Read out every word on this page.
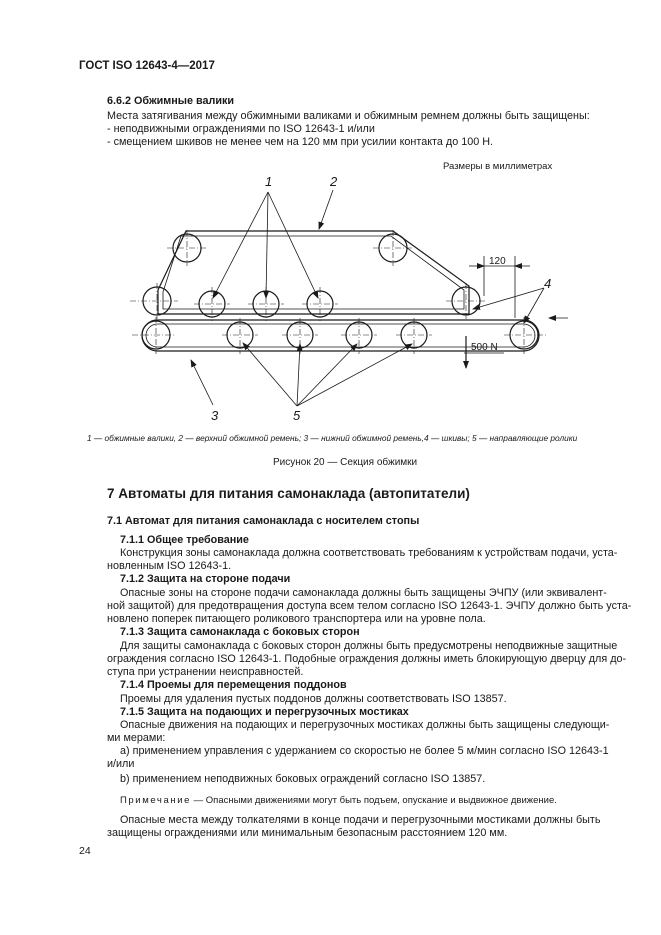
ГОСТ ISO 12643-4—2017
6.6.2 Обжимные валики
Места затягивания между обжимными валиками и обжимным ремнем должны быть защищены:
- неподвижными ограждениями по ISO 12643-1 и/или
- смещением шкивов не менее чем на 120 мм при усилии контакта до 100 Н.
Размеры в миллиметрах
1	2
4
3	5
120
500 N
1 — обжимные валики, 2 — верхний обжимной ремень; 3 — нижний обжимной ремень,4 — шкивы; 5 — направляющие ролики
Рисунок 20 — Секция обжимки
7 Автоматы для питания самонаклада (автопитатели)
7.1 Автомат для питания самонаклада с носителем стопы
7.1.1 Общее требование
Конструкция зоны самонаклада должна соответствовать требованиям к устройствам подачи, уста-
новленным ISO 12643-1.
7.1.2 Защита на стороне подачи
Опасные зоны на стороне подачи самонаклада должны быть защищены ЭЧПУ (или эквивалент-
ной защитой) для предотвращения доступа всем телом согласно ISO 12643-1. ЭЧПУ должно быть уста-
новлено поперек питающего роликового транспортера или на уровне пола.
7.1.3 Защита самонаклада с боковых сторон
Для защиты самонаклада с боковых сторон должны быть предусмотрены неподвижные защитные
ограждения согласно ISO 12643-1. Подобные ограждения должны иметь блокирующую дверцу для до-
ступа при устранении неисправностей.
7.1.4 Проемы для перемещения поддонов
Проемы для удаления пустых поддонов должны соответствовать ISO 13857.
7.1.5 Защита на подающих и перегрузочных мостиках
Опасные движения на подающих и перегрузочных мостиках должны быть защищены следующи-
ми мерами:
a) применением управления с удержанием со скоростью не более 5 м/мин согласно ISO 12643-1
и/или
b) применением неподвижных боковых ограждений согласно ISO 13857.
Примечание — Опасными движениями могут быть подъем, опускание и выдвижное движение.
Опасные места между толкателями в конце подачи и перегрузочными мостиками должны быть
защищены ограждениями или минимальным безопасным расстоянием 120 мм.
24
